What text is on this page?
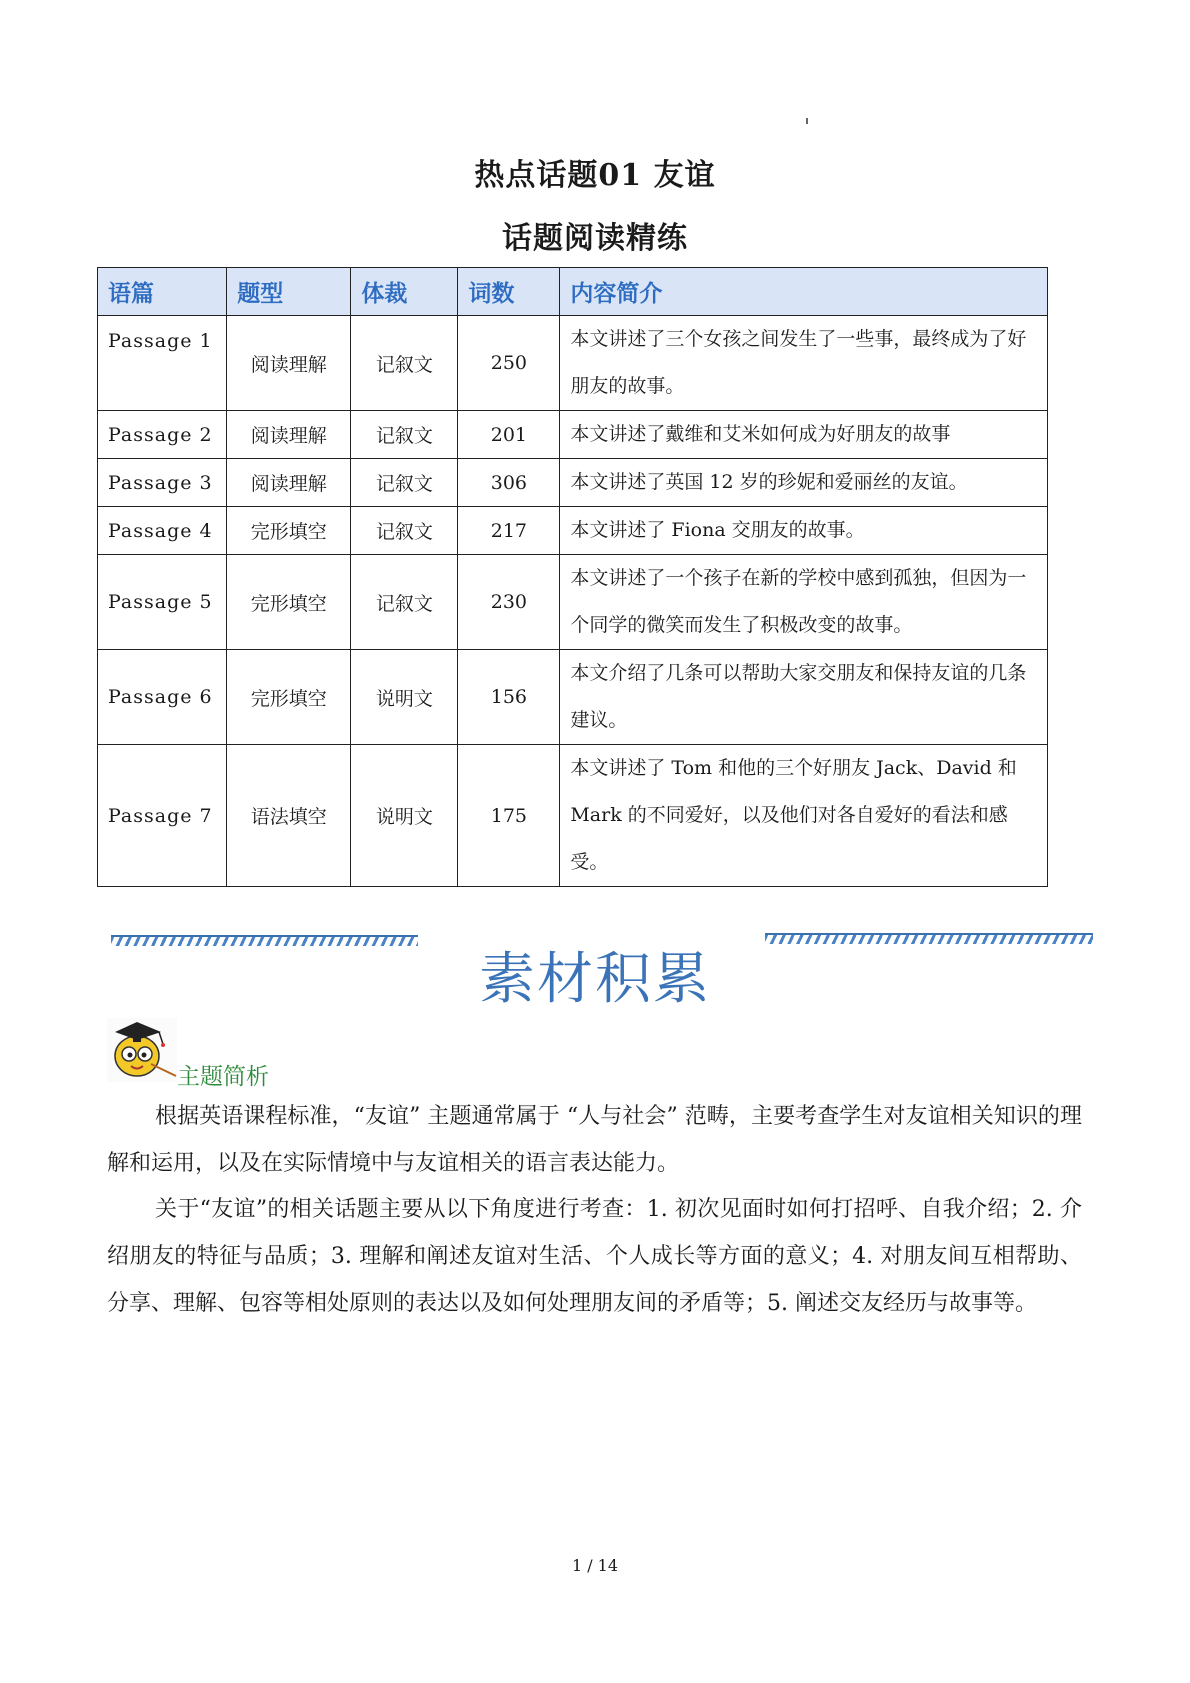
热点话题01 友谊
话题阅读精练
语篇	题型	体裁	词数	内容简介
Passage 1	阅读理解	记叙文	250	本文讲述了三个女孩之间发生了一些事，最终成为了好朋友的故事。
Passage 2	阅读理解	记叙文	201	本文讲述了戴维和艾米如何成为好朋友的故事
Passage 3	阅读理解	记叙文	306	本文讲述了英国 12 岁的珍妮和爱丽丝的友谊。
Passage 4	完形填空	记叙文	217	本文讲述了 Fiona 交朋友的故事。
Passage 5	完形填空	记叙文	230	本文讲述了一个孩子在新的学校中感到孤独，但因为一个同学的微笑而发生了积极改变的故事。
Passage 6	完形填空	说明文	156	本文介绍了几条可以帮助大家交朋友和保持友谊的几条建议。
Passage 7	语法填空	说明文	175	本文讲述了 Tom 和他的三个好朋友 Jack、David 和 Mark 的不同爱好，以及他们对各自爱好的看法和感受。
素材积累
主题简析
根据英语课程标准，“友谊” 主题通常属于 “人与社会” 范畴，主要考查学生对友谊相关知识的理解和运用，以及在实际情境中与友谊相关的语言表达能力。
关于“友谊”的相关话题主要从以下角度进行考查：1. 初次见面时如何打招呼、自我介绍；2. 介绍朋友的特征与品质；3. 理解和阐述友谊对生活、个人成长等方面的意义；4. 对朋友间互相帮助、分享、理解、包容等相处原则的表达以及如何处理朋友间的矛盾等；5. 阐述交友经历与故事等。
1 / 14
